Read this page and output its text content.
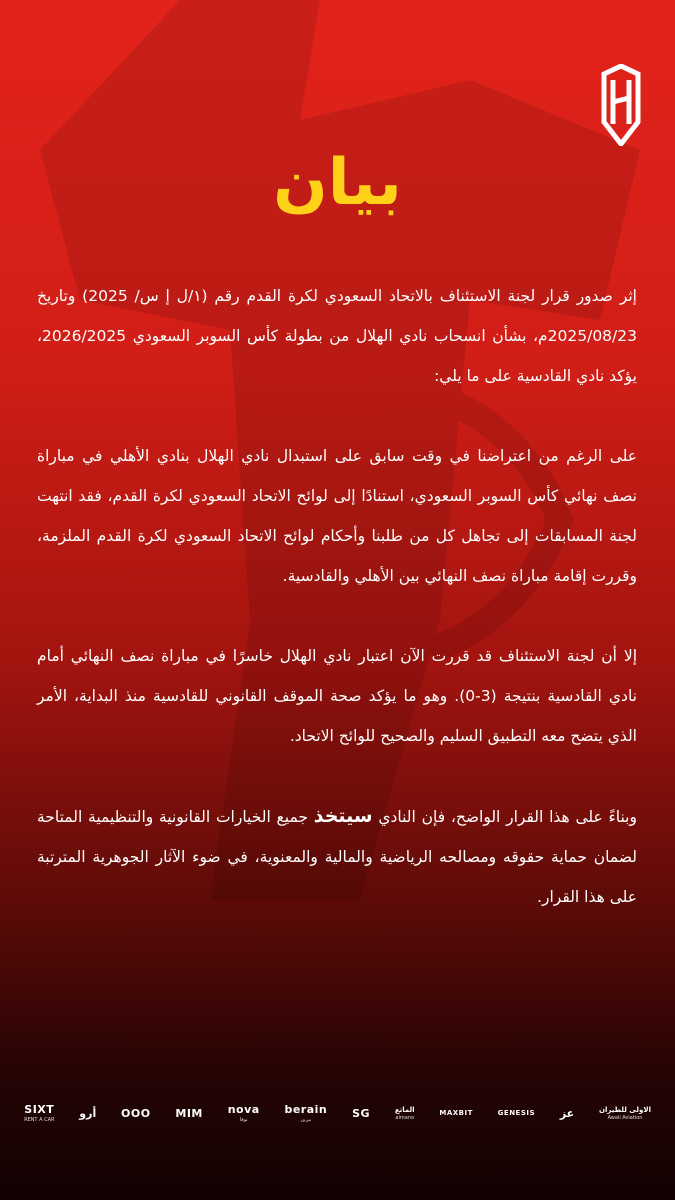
بيان

إثر صدور قرار لجنة الاستئناف بالاتحاد السعودي لكرة القدم رقم (١/ل إ س/ 2025) وتاريخ 2025/08/23م، بشأن انسحاب نادي الهلال من بطولة كأس السوبر السعودي 2026/2025، يؤكد نادي القادسية على ما يلي:

على الرغم من اعتراضنا في وقت سابق على استبدال نادي الهلال بنادي الأهلي في مباراة نصف نهائي كأس السوبر السعودي، استنادًا إلى لوائح الاتحاد السعودي لكرة القدم، فقد انتهت لجنة المسابقات إلى تجاهل كل من طلبنا وأحكام لوائح الاتحاد السعودي لكرة القدم الملزمة، وقررت إقامة مباراة نصف النهائي بين الأهلي والقادسية.

إلا أن لجنة الاستئناف قد قررت الآن اعتبار نادي الهلال خاسرًا في مباراة نصف النهائي أمام نادي القادسية بنتيجة (3-0). وهو ما يؤكد صحة الموقف القانوني للقادسية منذ البداية، الأمر الذي يتضح معه التطبيق السليم والصحيح للوائح الاتحاد.

وبناءً على هذا القرار الواضح، فإن النادي سيتخذ جميع الخيارات القانونية والتنظيمية المتاحة لضمان حماية حقوقه ومصالحه الرياضية والمالية والمعنوية، في ضوء الآثار الجوهرية المترتبة على هذا القرار.

SIXT
RENT A CAR
أرو OOO MIM nova
نوفا
berain
بيرين
SG	الماتع
almano
MAXBIT	GENESIS عز	الاولى للطيران
Awali Aviation
